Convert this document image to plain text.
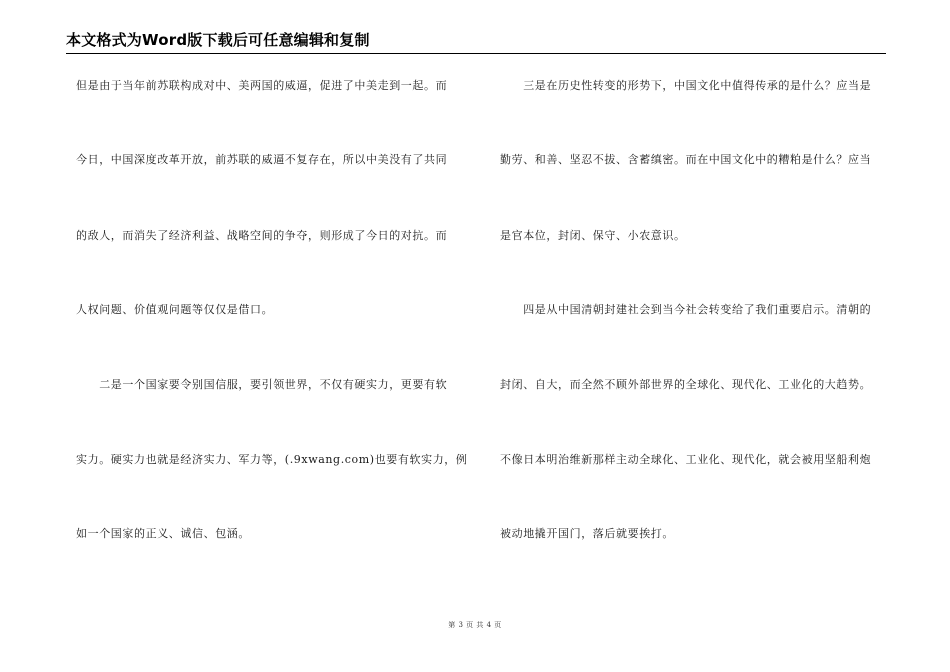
本文格式为Word版下载后可任意编辑和复制
但是由于当年前苏联构成对中、美两国的威逼，促进了中美走到一起。而
今日，中国深度改革开放，前苏联的威逼不复存在，所以中美没有了共同
的敌人，而消失了经济利益、战略空间的争夺，则形成了今日的对抗。而
人权问题、价值观问题等仅仅是借口。
　　二是一个国家要令别国信服，要引领世界，不仅有硬实力，更要有软
实力。硬实力也就是经济实力、军力等，(.9xwang.com)也要有软实力，例
如一个国家的正义、诚信、包涵。
　　三是在历史性转变的形势下，中国文化中值得传承的是什么？应当是
勤劳、和善、坚忍不拔、含蓄缜密。而在中国文化中的糟粕是什么？应当
是官本位，封闭、保守、小农意识。
　　四是从中国清朝封建社会到当今社会转变给了我们重要启示。清朝的
封闭、自大，而全然不顾外部世界的全球化、现代化、工业化的大趋势。
不像日本明治维新那样主动全球化、工业化、现代化，就会被用坚船利炮
被动地撬开国门，落后就要挨打。
第 3 页 共 4 页
